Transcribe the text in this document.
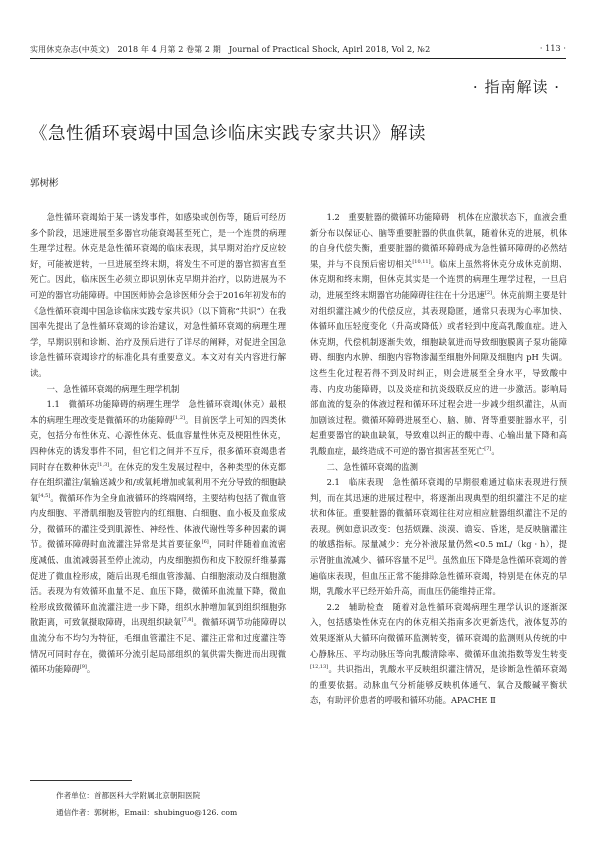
实用休克杂志(中英文)　2018 年 4 月第 2 卷第 2 期　Journal of Practical Shock, Apirl 2018, Vol 2, №2	· 113 ·
· 指南解读 ·
《急性循环衰竭中国急诊临床实践专家共识》解读
郭树彬

急性循环衰竭始于某一诱发事件，如感染或创伤等，随后可经历多个阶段，迅速进展至多器官功能衰竭甚至死亡，是一个连贯的病理生理学过程。休克是急性循环衰竭的临床表现，其早期对治疗反应较好，可能被逆转，一旦进展至终末期，将发生不可逆的器官损害直至死亡。因此，临床医生必须立即识别休克早期并治疗，以防进展为不可逆的器官功能障碍。中国医师协会急诊医师分会于2016年初发布的《急性循环衰竭中国急诊临床实践专家共识》（以下简称“共识”）在我国率先提出了急性循环衰竭的诊治建议，对急性循环衰竭的病理生理学，早期识别和诊断、治疗及预后进行了详尽的阐释，对促进全国急诊急性循环衰竭诊疗的标准化具有重要意义。本文对有关内容进行解读。

一、急性循环衰竭的病理生理学机制

1.1　微循环功能障碍的病理生理学　急性循环衰竭(休克）最根本的病理生理改变是微循环的功能障碍[1,2]。目前医学上可知的四类休克，包括分布性休克、心源性休克、低血容量性休克及梗阻性休克，四种休克的诱发事件不同，但它们之间并不互斥，很多循环衰竭患者同时存在数种休克[1,3]。在休克的发生发展过程中，各种类型的休克都存在组织灌注/氧输送减少和/或氧耗增加或氧利用不充分导致的细胞缺氧[4,5]。微循环作为全身血液循环的终端网络，主要结构包括了微血管内皮细胞、平滑肌细胞及管腔内的红细胞、白细胞、血小板及血浆成分，微循环的灌注受到肌源性、神经性、体液代谢性等多种因素的调节。微循环障碍时血流灌注异常是其首要征象[6]，同时伴随着血流密度减低、血流减弱甚至停止流动，内皮细胞损伤和皮下胶原纤维暴露促进了微血栓形成，随后出现毛细血管渗漏、白细胞滚动及白细胞激活。表现为有效循环血量不足、血压下降，微循环血流量下降，微血栓形成致微循环血流灌注进一步下降，组织水肿增加氧到组织细胞弥散距离，可致氧摄取障碍，出现组织缺氧[7,8]。微循环调节功能障碍以血流分布不均匀为特征，毛细血管灌注不足、灌注正常和过度灌注等情况可同时存在，微循环分流引起局部组织的氧供需失衡进而出现微循环功能障碍[9]。

1.2　重要脏器的微循环功能障碍　机体在应激状态下，血液会重新分布以保证心、脑等重要脏器的供血供氧，随着休克的进展，机体的自身代偿失衡，重要脏器的微循环障碍成为急性循环障碍的必然结果，并与不良预后密切相关[10,11]。临床上虽然将休克分成休克前期、休克期和终末期，但休克其实是一个连贯的病理生理学过程，一旦启动，进展至终末期器官功能障碍往往在十分迅速[2]。休克前期主要是针对组织灌注减少的代偿反应，其表现隐匿，通常只表现为心率加快、体循环血压轻度变化（升高或降低）或者轻到中度高乳酸血症。进入休克期，代偿机制逐渐失效，细胞缺氧进而导致细胞膜离子泵功能障碍、细胞内水肿、细胞内容物渗漏至细胞外间隙及细胞内 pH 失调。这些生化过程若得不到及时纠正，则会进展至全身水平，导致酸中毒、内皮功能障碍，以及炎症和抗炎级联反应的进一步激活。影响局部血流的复杂的体液过程和循环环过程会进一步减少组织灌注，从而加剧该过程。微循环障碍进展至心、脑、肺、肾等重要脏器水平，引起重要器官的缺血缺氧，导致难以纠正的酸中毒、心输出量下降和高乳酸血症，最终造成不可逆的器官损害甚至死亡[7]。

二、急性循环衰竭的监测

2.1　临床表现　急性循环衰竭的早期很难通过临床表现进行预判，而在其迅速的进展过程中，将逐渐出现典型的组织灌注不足的症状和体征。重要脏器的微循环衰竭往往对应相应脏器组织灌注不足的表现。例如意识改变：包括烦躁、淡漠、谵妄、昏迷，是反映脑灌注的敏感指标。尿量减少：充分补液尿量仍然<0.5 mL/（kg · h），提示肾脏血流减少、循环容量不足[2]。虽然血压下降是急性循环衰竭的普遍临床表现，但血压正常不能排除急性循环衰竭，特别是在休克的早期，乳酸水平已经开始升高，而血压仍能维持正常。

2.2　辅助检查　随着对急性循环衰竭病理生理学认识的逐渐深入，包括感染性休克在内的休克相关指南多次更新迭代，液体复苏的效果逐渐从大循环向微循环监测转变，循环衰竭的监测则从传统的中心静脉压、平均动脉压等向乳酸清除率、微循环血流指数等发生转变[12,13]。共识指出，乳酸水平反映组织灌注情况，是诊断急性循环衰竭的重要依据。动脉血气分析能够反映机体通气、氧合及酸碱平衡状态，有助评价患者的呼吸和循环功能。APACHE Ⅱ

作者单位：首都医科大学附属北京朝阳医院
通信作者：郭树彬，Email：shubinguo@126. com
